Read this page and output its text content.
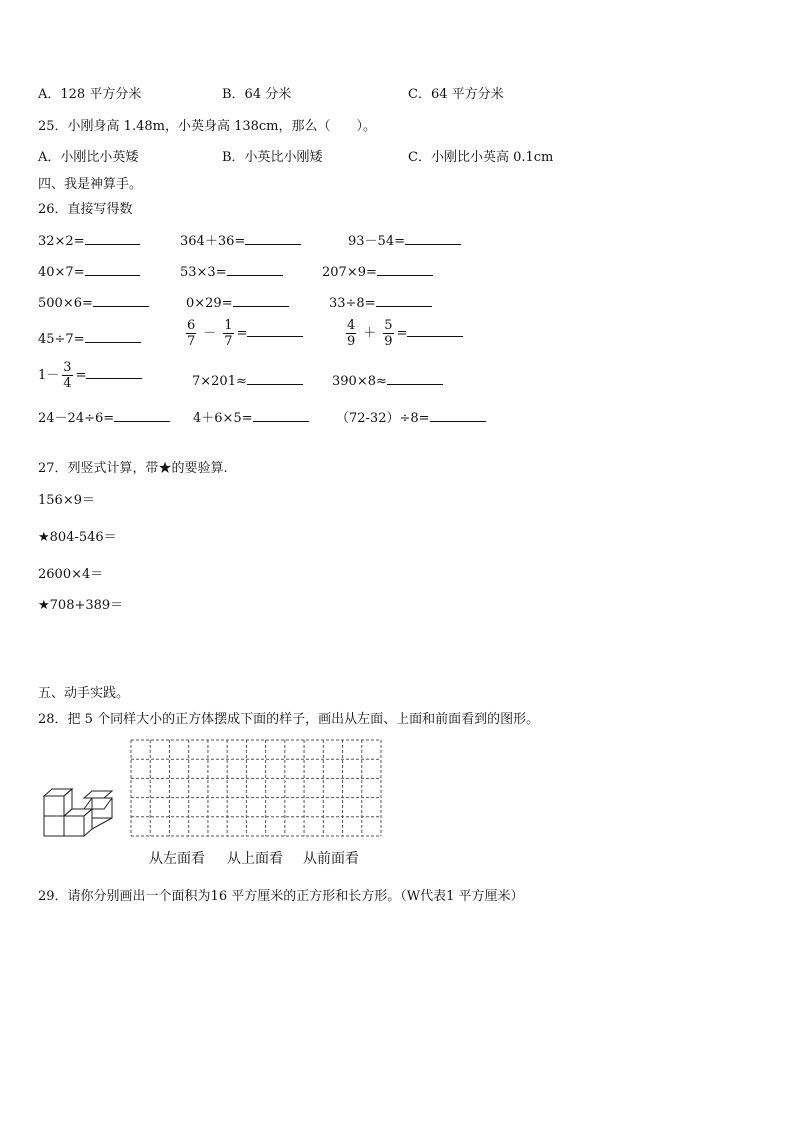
A．128 平方分米	B．64 分米	C．64 平方分米
25．小刚身高 1.48m，小英身高 138cm，那么（　　）。
A．小刚比小英矮	B．小英比小刚矮	C．小刚比小英高 0.1cm
四、我是神算手。
26．直接写得数
32×2=	364＋36=	93－54=
40×7=	53×3=	207×9=
500×6=	0×29=	33÷8=
45÷7=	$\frac{6}{7} - \frac{1}{7}$ =	$\frac{4}{9} + \frac{5}{9}$ =
$1- \frac{3}{4}$ =	7×201≈	390×8≈
24－24÷6=	4＋6×5=	（72-32）÷8=
27．列竖式计算，带★的要验算.
156×9＝
★804-546＝
2600×4＝
★708+389＝
五、动手实践。
28．把 5 个同样大小的正方体摆成下面的样子，画出从左面、上面和前面看到的图形。
从左面看 从上面看 从前面看
29．请你分别画出一个面积为16 平方厘米的正方形和长方形。（W代表1 平方厘米）
